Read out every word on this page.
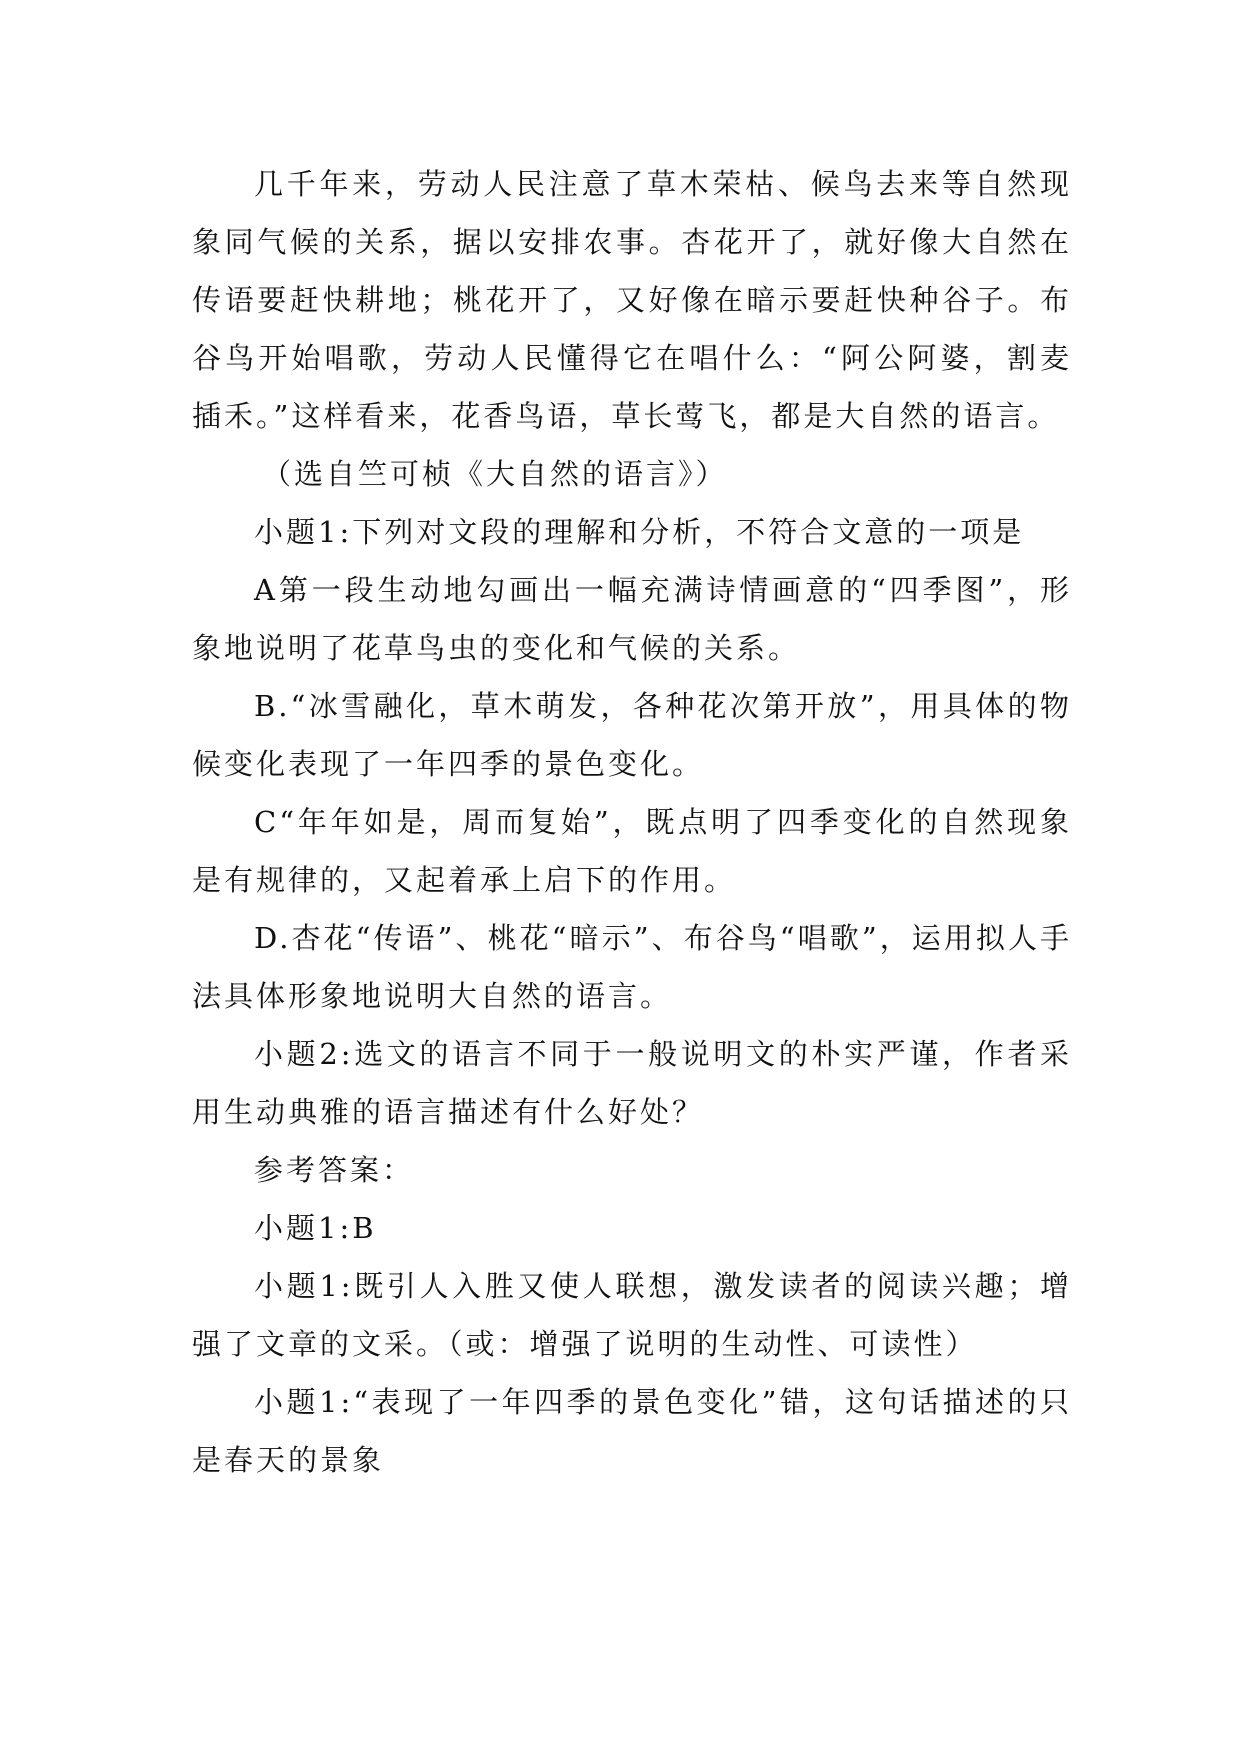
几千年来，劳动人民注意了草木荣枯、候鸟去来等自然现象同气候的关系，据以安排农事。杏花开了，就好像大自然在传语要赶快耕地；桃花开了，又好像在暗示要赶快种谷子。布谷鸟开始唱歌，劳动人民懂得它在唱什么：“阿公阿婆，割麦插禾。”这样看来，花香鸟语，草长莺飞，都是大自然的语言。

（选自竺可桢《大自然的语言》）

小题1:下列对文段的理解和分析，不符合文意的一项是

A第一段生动地勾画出一幅充满诗情画意的“四季图”，形象地说明了花草鸟虫的变化和气候的关系。

B.“冰雪融化，草木萌发，各种花次第开放”，用具体的物候变化表现了一年四季的景色变化。

C“年年如是，周而复始”，既点明了四季变化的自然现象是有规律的，又起着承上启下的作用。

D.杏花“传语”、桃花“暗示”、布谷鸟“唱歌”，运用拟人手法具体形象地说明大自然的语言。

小题2:选文的语言不同于一般说明文的朴实严谨，作者采用生动典雅的语言描述有什么好处？

参考答案：

小题1:B

小题1:既引人入胜又使人联想，激发读者的阅读兴趣；增强了文章的文采。（或：增强了说明的生动性、可读性）

小题1:“表现了一年四季的景色变化”错，这句话描述的只是春天的景象
